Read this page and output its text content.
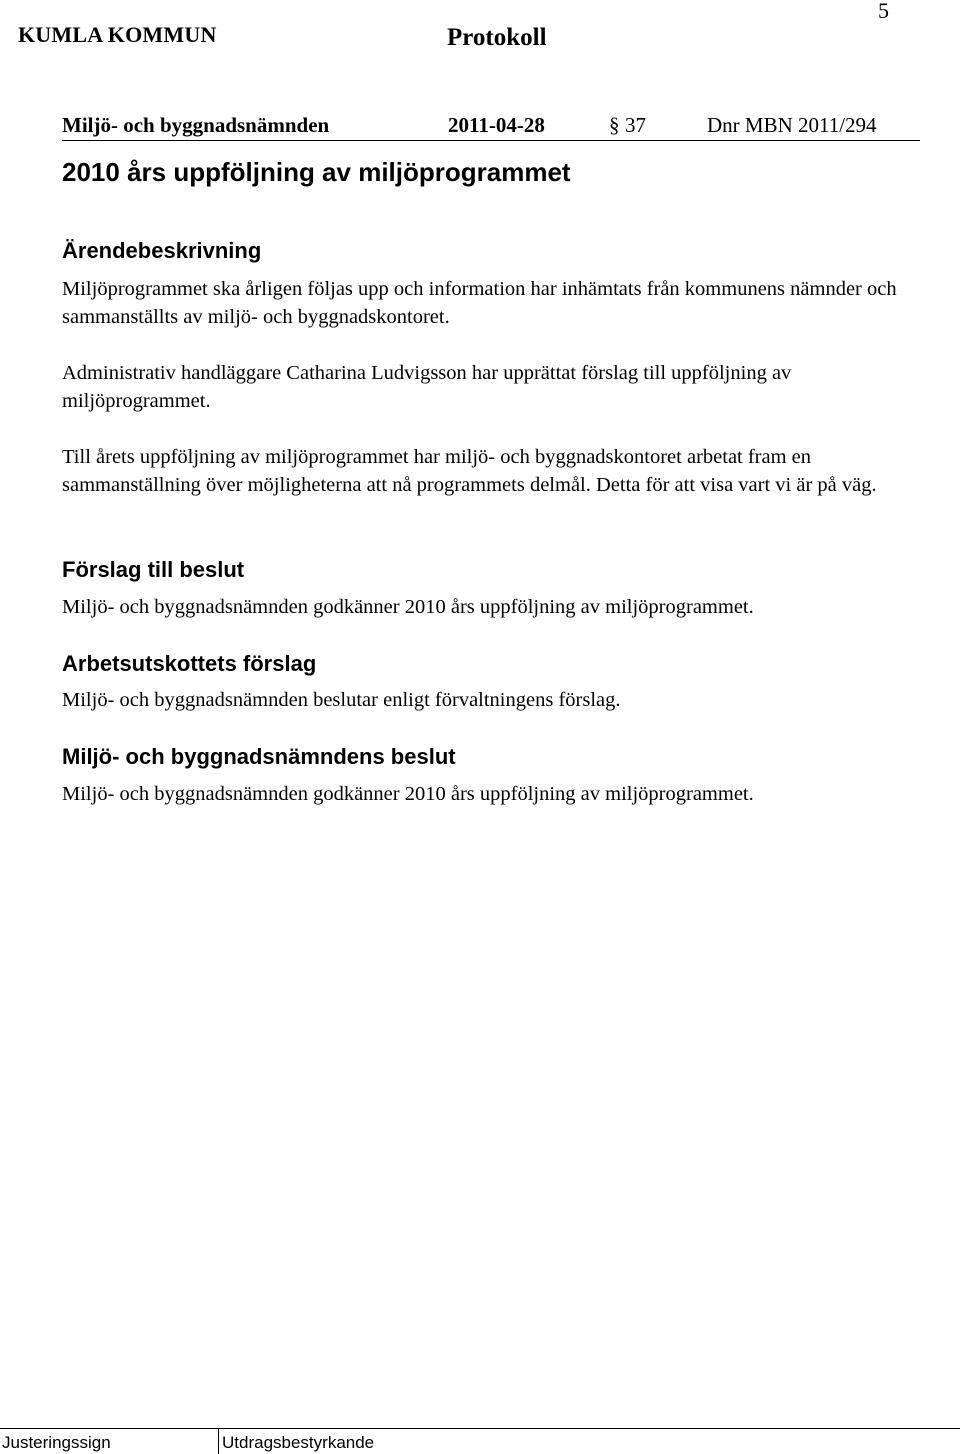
5
KUMLA KOMMUN	Protokoll
Miljö- och byggnadsnämnden	2011-04-28	§ 37	Dnr MBN 2011/294
2010 års uppföljning av miljöprogrammet
Ärendebeskrivning
Miljöprogrammet ska årligen följas upp och information har inhämtats från kommunens nämnder och sammanställts av miljö- och byggnadskontoret.
Administrativ handläggare Catharina Ludvigsson har upprättat förslag till uppföljning av miljöprogrammet.
Till årets uppföljning av miljöprogrammet har miljö- och byggnadskontoret arbetat fram en sammanställning över möjligheterna att nå programmets delmål. Detta för att visa vart vi är på väg.
Förslag till beslut
Miljö- och byggnadsnämnden godkänner 2010 års uppföljning av miljöprogrammet.
Arbetsutskottets förslag
Miljö- och byggnadsnämnden beslutar enligt förvaltningens förslag.
Miljö- och byggnadsnämndens beslut
Miljö- och byggnadsnämnden godkänner 2010 års uppföljning av miljöprogrammet.
Justeringssign	Utdragsbestyrkande
